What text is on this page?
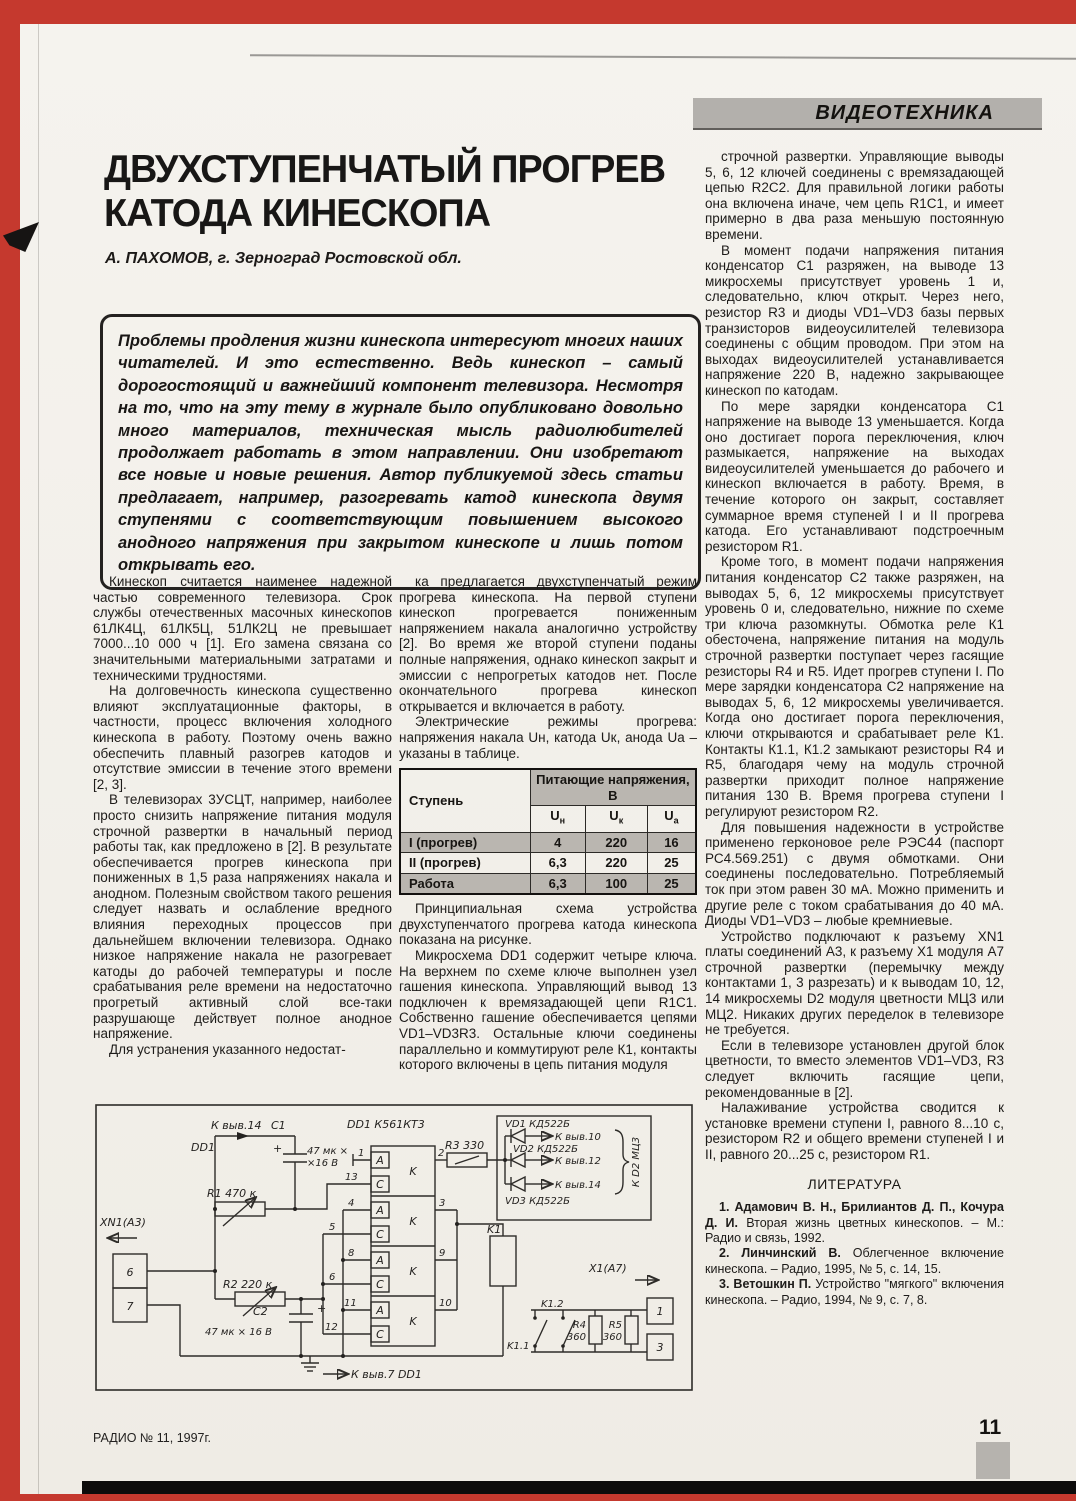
ВИДЕОТЕХНИКА
ДВУХСТУПЕНЧАТЫЙ ПРОГРЕВ
КАТОДА КИНЕСКОПА
А. ПАХОМОВ, г. Зерноград Ростовской обл.
Проблемы продления жизни кинескопа интересуют многих наших читателей. И это естественно. Ведь кинескоп – самый дорогостоящий и важнейший компонент телевизора. Несмотря на то, что на эту тему в журнале было опубликовано довольно много материалов, техническая мысль радиолюбителей продолжает работать в этом направлении. Они изобретают все новые и новые решения. Автор публикуемой здесь статьи предлагает, например, разогревать катод кинескопа двумя ступенями с соответствующим повышением высокого анодного напряжения при закрытом кинескопе и лишь потом открывать его.

Кинескоп считается наименее надежной частью современного телевизора. Срок службы отечественных масочных кинескопов 61ЛК4Ц, 61ЛК5Ц, 51ЛК2Ц не превышает 7000...10 000 ч [1]. Его замена связана со значительными материальными затратами и техническими трудностями.

На долговечность кинескопа существенно влияют эксплуатационные факторы, в частности, процесс включения холодного кинескопа в работу. Поэтому очень важно обеспечить плавный разогрев катодов и отсутствие эмиссии в течение этого времени [2, 3].

В телевизорах 3УСЦТ, например, наиболее просто снизить напряжение питания модуля строчной развертки в начальный период работы так, как предложено в [2]. В результате обеспечивается прогрев кинескопа при пониженных в 1,5 раза напряжениях накала и анодном. Полезным свойством такого решения следует назвать и ослабление вредного влияния переходных процессов при дальнейшем включении телевизора. Однако низкое напряжение накала не разогревает катоды до рабочей температуры и после срабатывания реле времени на недостаточно прогретый активный слой все-таки разрушающе действует полное анодное напряжение.

Для устранения указанного недостат-

ка предлагается двухступенчатый режим прогрева кинескопа. На первой ступени кинескоп прогревается пониженным напряжением накала аналогично устройству [2]. Во время же второй ступени поданы полные напряжения, однако кинескоп закрыт и эмиссии с непрогретых катодов нет. После окончательного прогрева кинескоп открывается и включается в работу.

Электрические режимы прогрева: напряжения накала Uн, катода Uк, анода Uа – указаны в таблице.

Ступень	Питающие напряжения, В		
	$U_н$	$U_к$	$U_а$
I (прогрев)	4	220	16
II (прогрев)	6,3	220	25
Работа	6,3	100	25

Принципиальная схема устройства двухступенчатого прогрева катода кинескопа показана на рисунке.

Микросхема DD1 содержит четыре ключа. На верхнем по схеме ключе выполнен узел гашения кинескопа. Управляющий вывод 13 подключен к времязадающей цепи R1C1. Собственно гашение обеспечивается цепями VD1–VD3R3. Остальные ключи соединены параллельно и коммутируют реле К1, контакты которого включены в цепь питания модуля

строчной развертки. Управляющие выводы 5, 6, 12 ключей соединены с времязадающей цепью R2C2. Для правильной логики работы она включена иначе, чем цепь R1C1, и имеет примерно в два раза меньшую постоянную времени.

В момент подачи напряжения питания конденсатор C1 разряжен, на выводе 13 микросхемы присутствует уровень 1 и, следовательно, ключ открыт. Через него, резистор R3 и диоды VD1–VD3 базы первых транзисторов видеоусилителей телевизора соединены с общим проводом. При этом на выходах видеоусилителей устанавливается напряжение 220 В, надежно закрывающее кинескоп по катодам.

По мере зарядки конденсатора C1 напряжение на выводе 13 уменьшается. Когда оно достигает порога переключения, ключ размыкается, напряжение на выходах видеоусилителей уменьшается до рабочего и кинескоп включается в работу. Время, в течение которого он закрыт, составляет суммарное время ступеней I и II прогрева катода. Его устанавливают подстроечным резистором R1.

Кроме того, в момент подачи напряжения питания конденсатор C2 также разряжен, на выводах 5, 6, 12 микросхемы присутствует уровень 0 и, следовательно, нижние по схеме три ключа разомкнуты. Обмотка реле К1 обесточена, напряжение питания на модуль строчной развертки поступает через гасящие резисторы R4 и R5. Идет прогрев ступени I. По мере зарядки конденсатора C2 напряжение на выводах 5, 6, 12 микросхемы увеличивается. Когда оно достигает порога переключения, ключи открываются и срабатывает реле К1. Контакты К1.1, К1.2 замыкают резисторы R4 и R5, благодаря чему на модуль строчной развертки приходит полное напряжение питания 130 В. Время прогрева ступени I регулируют резистором R2.

Для повышения надежности в устройстве применено герконовое реле РЭС44 (паспорт РС4.569.251) с двумя обмотками. Они соединены последовательно. Потребляемый ток при этом равен 30 мА. Можно применить и другие реле с током срабатывания до 40 мА. Диоды VD1–VD3 – любые кремниевые.

Устройство подключают к разъему XN1 платы соединений А3, к разъему X1 модуля А7 строчной развертки (перемычку между контактами 1, 3 разрезать) и к выводам 10, 12, 14 микросхемы D2 модуля цветности МЦ3 или МЦ2. Никаких других переделок в телевизоре не требуется.

Если в телевизоре установлен другой блок цветности, то вместо элементов VD1–VD3, R3 следует включить гасящие цепи, рекомендованные в [2].

Налаживание устройства сводится к установке времени ступени I, равного 8...10 с, резистором R2 и общего времени ступеней I и II, равного 20...25 с, резистором R1.

ЛИТЕРАТУРА

1. Адамович В. Н., Брилиантов Д. П., Кочура Д. И. Вторая жизнь цветных кинескопов. – М.: Радио и связь, 1992.

2. Линчинский В. Облегченное включение кинескопа. – Радио, 1995, № 5, с. 14, 15.

3. Ветошкин П. Устройство "мягкого" включения кинескопа. – Радио, 1994, № 9, с. 7, 8.

К выв.14
DD1	+
C1
47 мк ×
×16 В
R1 470 к
XN1(А3)
6
7
R2 220 к
+
C2
47 мк × 16 В
К выв.7 DD1
DD1 К561КТ3
A
C
A
C
A
C
A
C
K
K
K
K
1
13
4
5
8
6
11
12
2
3
9
10
R3 330
VD1 КД522Б
VD2 КД522Б
VD3 КД522Б
К выв.10
К выв.12
К выв.14	К D2 МЦ3
K1
K1.1
K1.2
R4
360
R5
360
1
3
X1(А7)
РАДИО № 11, 1997г.	11
